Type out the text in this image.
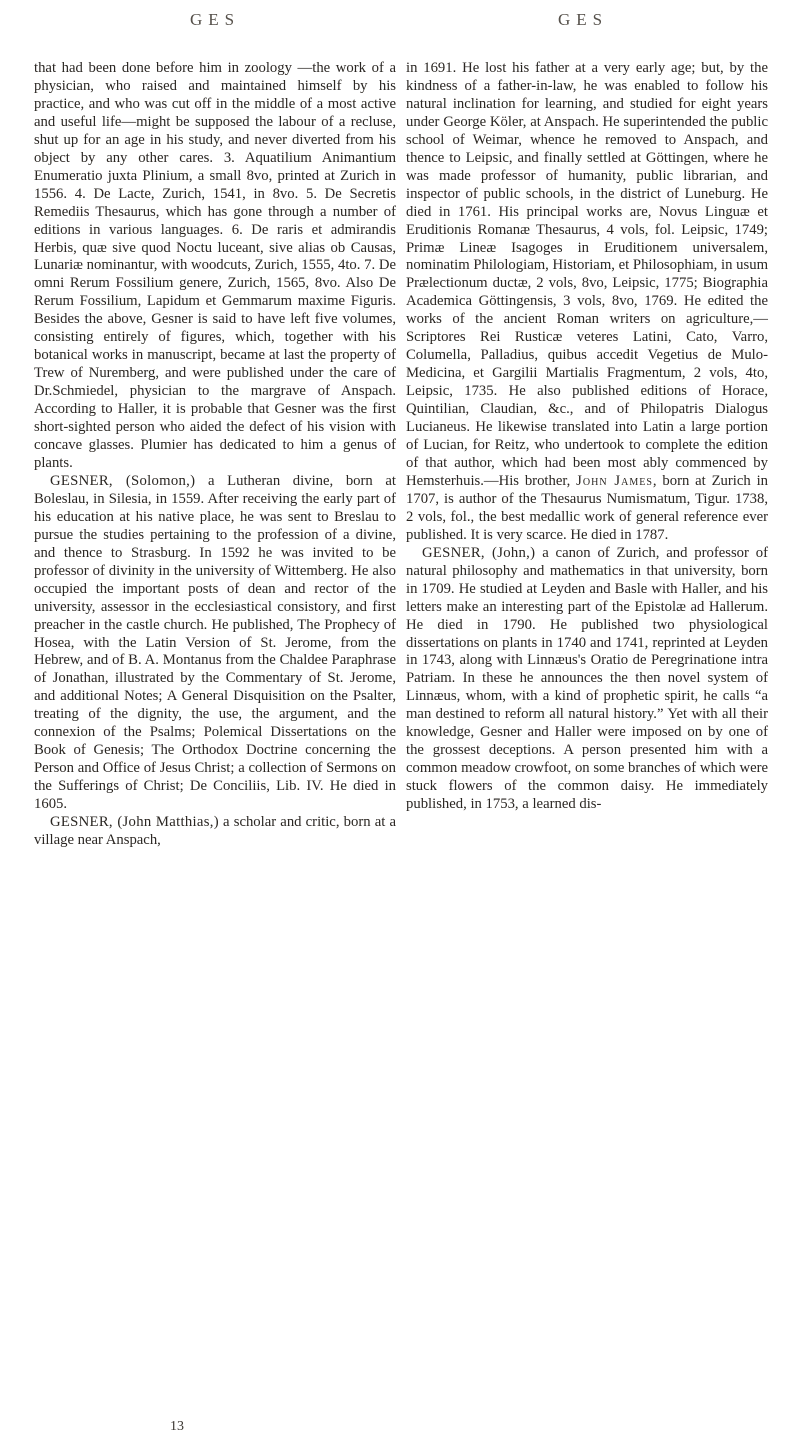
GES	GES

that had been done before him in zoology —the work of a physician, who raised and maintained himself by his practice, and who was cut off in the middle of a most active and useful life—might be supposed the labour of a recluse, shut up for an age in his study, and never diverted from his object by any other cares. 3. Aquatilium Animantium Enumeratio juxta Plinium, a small 8vo, printed at Zurich in 1556. 4. De Lacte, Zurich, 1541, in 8vo. 5. De Secretis Remediis Thesaurus, which has gone through a number of editions in various languages. 6. De raris et admirandis Herbis, quæ sive quod Noctu luceant, sive alias ob Causas, Lunariæ nominantur, with woodcuts, Zurich, 1555, 4to. 7. De omni Rerum Fossilium genere, Zurich, 1565, 8vo. Also De Rerum Fossilium, Lapidum et Gemmarum maxime Figuris. Besides the above, Gesner is said to have left five volumes, consisting entirely of figures, which, together with his botanical works in manuscript, became at last the property of Trew of Nuremberg, and were published under the care of Dr.Schmiedel, physician to the margrave of Anspach. According to Haller, it is probable that Gesner was the first short-sighted person who aided the defect of his vision with concave glasses. Plumier has dedicated to him a genus of plants.

GESNER, (Solomon,) a Lutheran divine, born at Boleslau, in Silesia, in 1559. After receiving the early part of his education at his native place, he was sent to Breslau to pursue the studies pertaining to the profession of a divine, and thence to Strasburg. In 1592 he was invited to be professor of divinity in the university of Wittemberg. He also occupied the important posts of dean and rector of the university, assessor in the ecclesiastical consistory, and first preacher in the castle church. He published, The Prophecy of Hosea, with the Latin Version of St. Jerome, from the Hebrew, and of B. A. Montanus from the Chaldee Paraphrase of Jonathan, illustrated by the Commentary of St. Jerome, and additional Notes; A General Disquisition on the Psalter, treating of the dignity, the use, the argument, and the connexion of the Psalms; Polemical Dissertations on the Book of Genesis; The Orthodox Doctrine concerning the Person and Office of Jesus Christ; a collection of Sermons on the Sufferings of Christ; De Conciliis, Lib. IV. He died in 1605.

GESNER, (John Matthias,) a scholar and critic, born at a village near Anspach,

in 1691. He lost his father at a very early age; but, by the kindness of a father-in-law, he was enabled to follow his natural inclination for learning, and studied for eight years under George Köler, at Anspach. He superintended the public school of Weimar, whence he removed to Anspach, and thence to Leipsic, and finally settled at Göttingen, where he was made professor of humanity, public librarian, and inspector of public schools, in the district of Luneburg. He died in 1761. His principal works are, Novus Linguæ et Eruditionis Romanæ Thesaurus, 4 vols, fol. Leipsic, 1749; Primæ Lineæ Isagoges in Eruditionem universalem, nominatim Philologiam, Historiam, et Philosophiam, in usum Prælectionum ductæ, 2 vols, 8vo, Leipsic, 1775; Biographia Academica Göttingensis, 3 vols, 8vo, 1769. He edited the works of the ancient Roman writers on agriculture,—Scriptores Rei Rusticæ veteres Latini, Cato, Varro, Columella, Palladius, quibus accedit Vegetius de Mulo-Medicina, et Gargilii Martialis Fragmentum, 2 vols, 4to, Leipsic, 1735. He also published editions of Horace, Quintilian, Claudian, &c., and of Philopatris Dialogus Lucianeus. He likewise translated into Latin a large portion of Lucian, for Reitz, who undertook to complete the edition of that author, which had been most ably commenced by Hemsterhuis.—His brother, John James, born at Zurich in 1707, is author of the Thesaurus Numismatum, Tigur. 1738, 2 vols, fol., the best medallic work of general reference ever published. It is very scarce. He died in 1787.

GESNER, (John,) a canon of Zurich, and professor of natural philosophy and mathematics in that university, born in 1709. He studied at Leyden and Basle with Haller, and his letters make an interesting part of the Epistolæ ad Hallerum. He died in 1790. He published two physiological dissertations on plants in 1740 and 1741, reprinted at Leyden in 1743, along with Linnæus's Oratio de Peregrinatione intra Patriam. In these he announces the then novel system of Linnæus, whom, with a kind of prophetic spirit, he calls “a man destined to reform all natural history.” Yet with all their knowledge, Gesner and Haller were imposed on by one of the grossest deceptions. A person presented him with a common meadow crowfoot, on some branches of which were stuck flowers of the common daisy. He immediately published, in 1753, a learned dis-

13
